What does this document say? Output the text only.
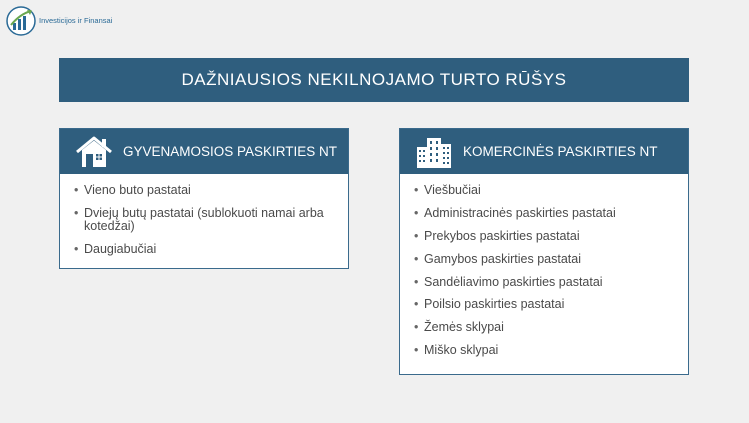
Investicijos ir Finansai
DAŽNIAUSIOS NEKILNOJAMO TURTO RŪŠYS
GYVENAMOSIOS PASKIRTIES NT
• Vieno buto pastatai
• Dviejų butų pastatai (sublokuoti namai arba kotedžai)
• Daugiabučiai
KOMERCINĖS PASKIRTIES NT
• Viešbučiai
• Administracinės paskirties pastatai
• Prekybos paskirties pastatai
• Gamybos paskirties pastatai
• Sandėliavimo paskirties pastatai
• Poilsio paskirties pastatai
• Žemės sklypai
• Miško sklypai
